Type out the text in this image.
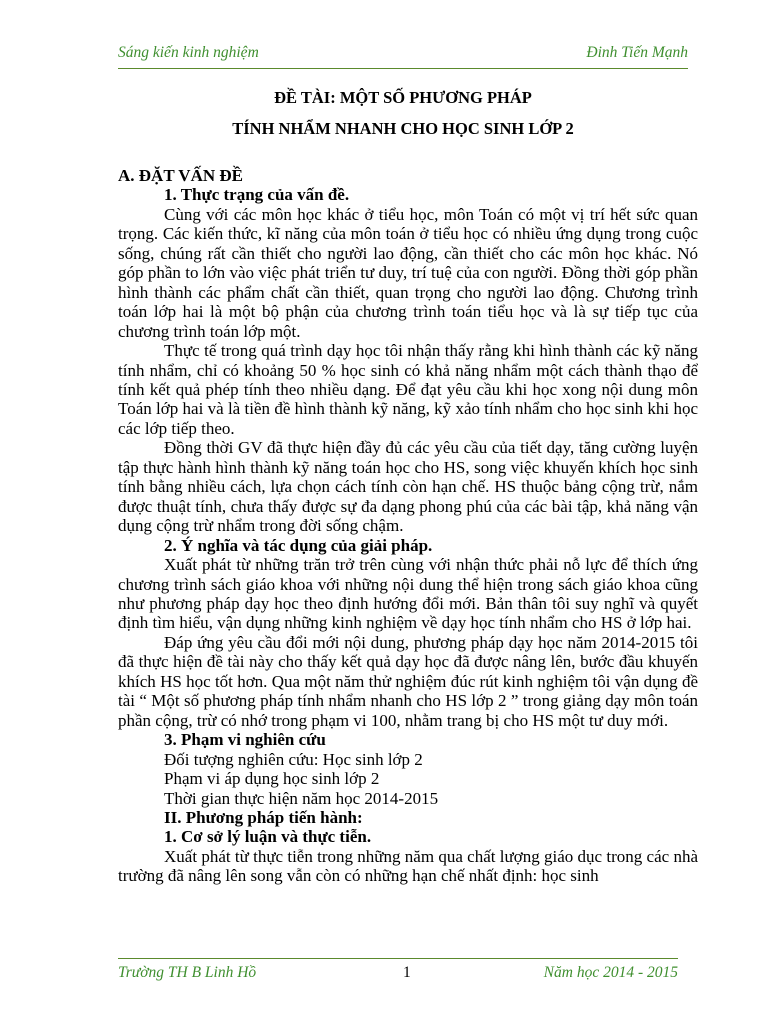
Sáng kiến kinh nghiệm	Đinh Tiến Mạnh
ĐỀ TÀI: MỘT SỐ PHƯƠNG PHÁP
TÍNH NHẨM NHANH CHO HỌC SINH LỚP 2

A. ĐẶT VẤN ĐỀ

1. Thực trạng của vấn đề.

Cùng với các môn học khác ở tiểu học, môn Toán có một vị trí hết sức quan trọng. Các kiến thức, kĩ năng của môn toán ở tiểu học có nhiều ứng dụng trong cuộc sống, chúng rất cần thiết cho người lao động, cần thiết cho các môn học khác. Nó góp phần to lớn vào việc phát triển tư duy, trí tuệ của con người. Đồng thời góp phần hình thành các phẩm chất cần thiết, quan trọng cho người lao động. Chương trình toán lớp hai là một bộ phận của chương trình toán tiểu học và là sự tiếp tục của chương trình toán lớp một.

Thực tế trong quá trình dạy học tôi nhận thấy rằng khi hình thành các kỹ năng tính nhẩm, chỉ có khoảng 50 % học sinh có khả năng nhẩm một cách thành thạo để tính kết quả phép tính theo nhiều dạng. Để đạt yêu cầu khi học xong nội dung môn Toán lớp hai và là tiền đề hình thành kỹ năng, kỹ xảo tính nhẩm cho học sinh khi học các lớp tiếp theo.

Đồng thời GV đã thực hiện đầy đủ các yêu cầu của tiết dạy, tăng cường luyện tập thực hành hình thành kỹ năng toán học cho HS, song việc khuyến khích học sinh tính bằng nhiều cách, lựa chọn cách tính còn hạn chế. HS thuộc bảng cộng trừ, nắm được thuật tính, chưa thấy được sự đa dạng phong phú của các bài tập, khả năng vận dụng cộng trừ nhẩm trong đời sống chậm.

2. Ý nghĩa và tác dụng của giải pháp.

Xuất phát từ những trăn trở trên cùng với nhận thức phải nỗ lực để thích ứng chương trình sách giáo khoa với những nội dung thể hiện trong sách giáo khoa cũng như phương pháp dạy học theo định hướng đổi mới. Bản thân tôi suy nghĩ và quyết định tìm hiểu, vận dụng những kinh nghiệm về dạy học tính nhẩm cho HS ở lớp hai.

Đáp ứng yêu cầu đổi mới nội dung, phương pháp dạy học năm 2014-2015 tôi đã thực hiện đề tài này cho thấy kết quả dạy học đã được nâng lên, bước đầu khuyến khích HS học tốt hơn. Qua một năm thử nghiệm đúc rút kinh nghiệm tôi vận dụng đề tài “ Một số phương pháp tính nhẩm nhanh cho HS lớp 2 ” trong giảng dạy môn toán phần cộng, trừ có nhớ trong phạm vi 100, nhằm trang bị cho HS một tư duy mới.

3. Phạm vi nghiên cứu

Đối tượng nghiên cứu: Học sinh lớp 2

Phạm vi áp dụng học sinh lớp 2

Thời gian thực hiện năm học 2014-2015

II. Phương pháp tiến hành:

1. Cơ sở lý luận và thực tiễn.

Xuất phát từ thực tiễn trong những năm qua chất lượng giáo dục trong các nhà trường đã nâng lên song vẫn còn có những hạn chế nhất định: học sinh

Trường TH B Linh Hồ	1	Năm học 2014 - 2015
